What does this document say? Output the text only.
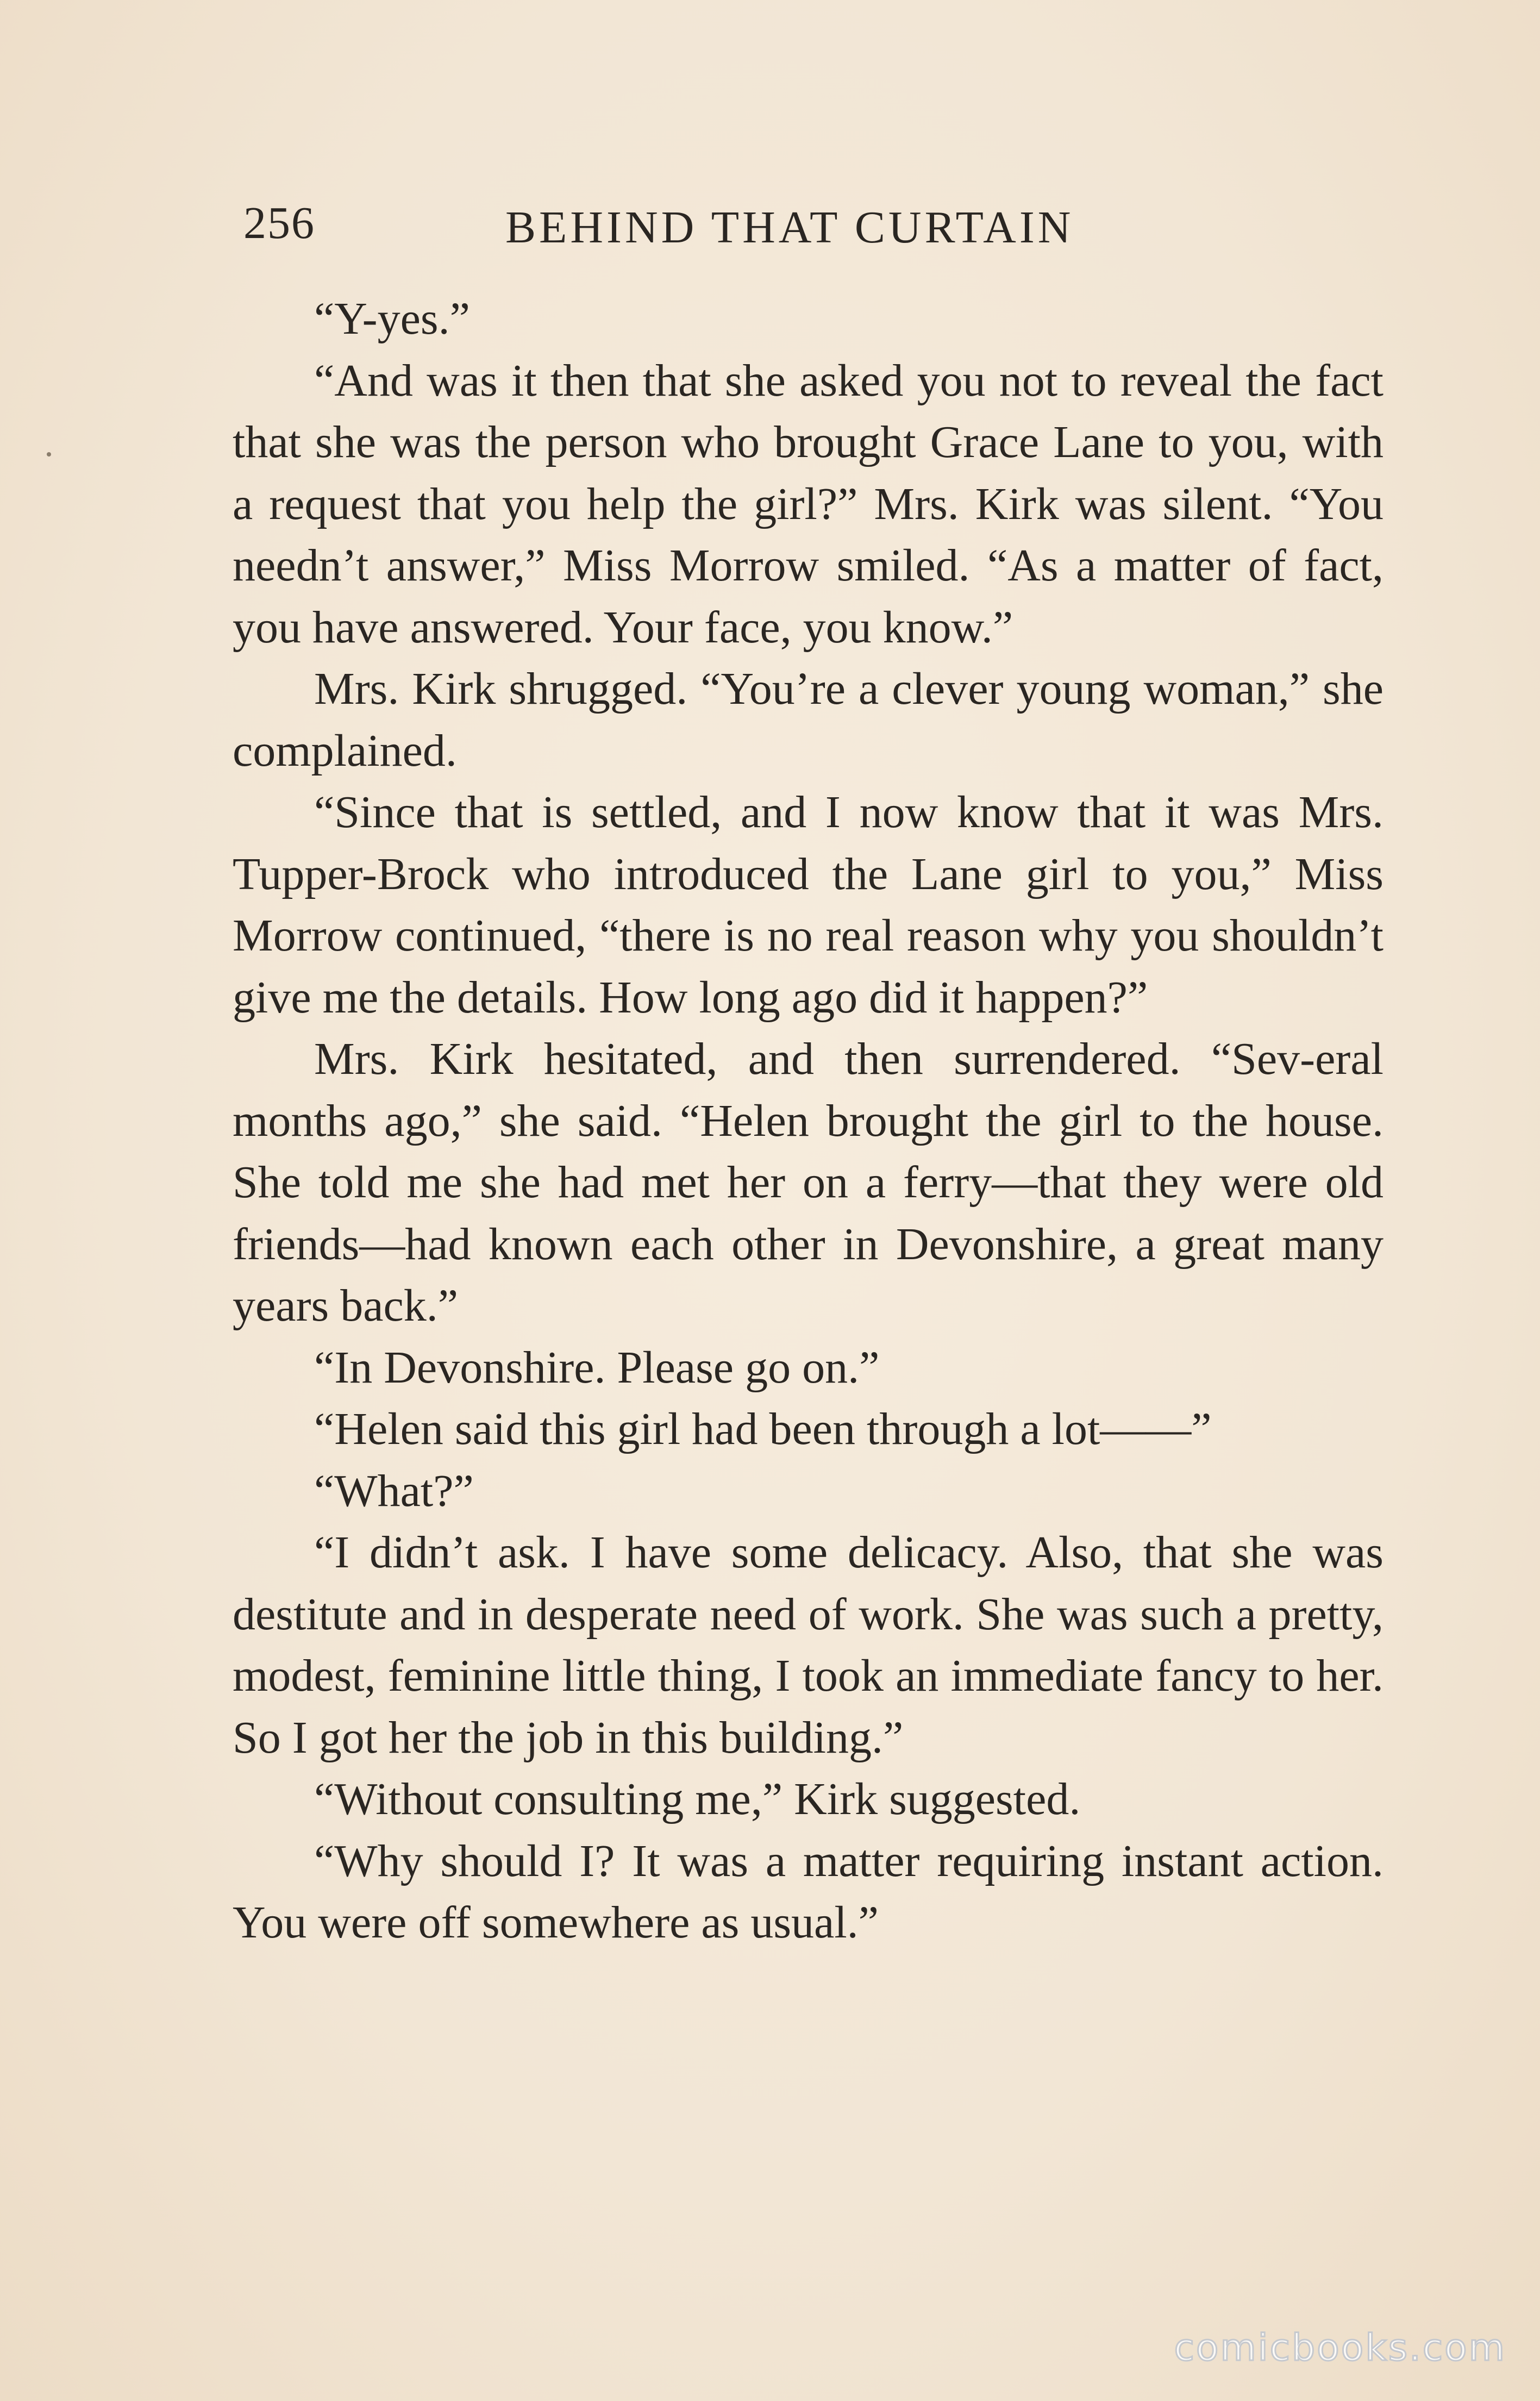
256	BEHIND THAT CURTAIN

“Y-yes.”

“And was it then that she asked you not to reveal the fact that she was the person who brought Grace Lane to you, with a request that you help the girl?” Mrs. Kirk was silent. “You needn’t answer,” Miss Morrow smiled. “As a matter of fact, you have answered. Your face, you know.”

Mrs. Kirk shrugged. “You’re a clever young woman,” she complained.

“Since that is settled, and I now know that it was Mrs. Tupper-Brock who introduced the Lane girl to you,” Miss Morrow continued, “there is no real reason why you shouldn’t give me the details. How long ago did it happen?”

Mrs. Kirk hesitated, and then surrendered. “Sev-eral months ago,” she said. “Helen brought the girl to the house. She told me she had met her on a ferry—that they were old friends—had known each other in Devonshire, a great many years back.”

“In Devonshire. Please go on.”

“Helen said this girl had been through a lot——”

“What?”

“I didn’t ask. I have some delicacy. Also, that she was destitute and in desperate need of work. She was such a pretty, modest, feminine little thing, I took an immediate fancy to her. So I got her the job in this building.”

“Without consulting me,” Kirk suggested.

“Why should I? It was a matter requiring instant action. You were off somewhere as usual.”

comicbooks.com
